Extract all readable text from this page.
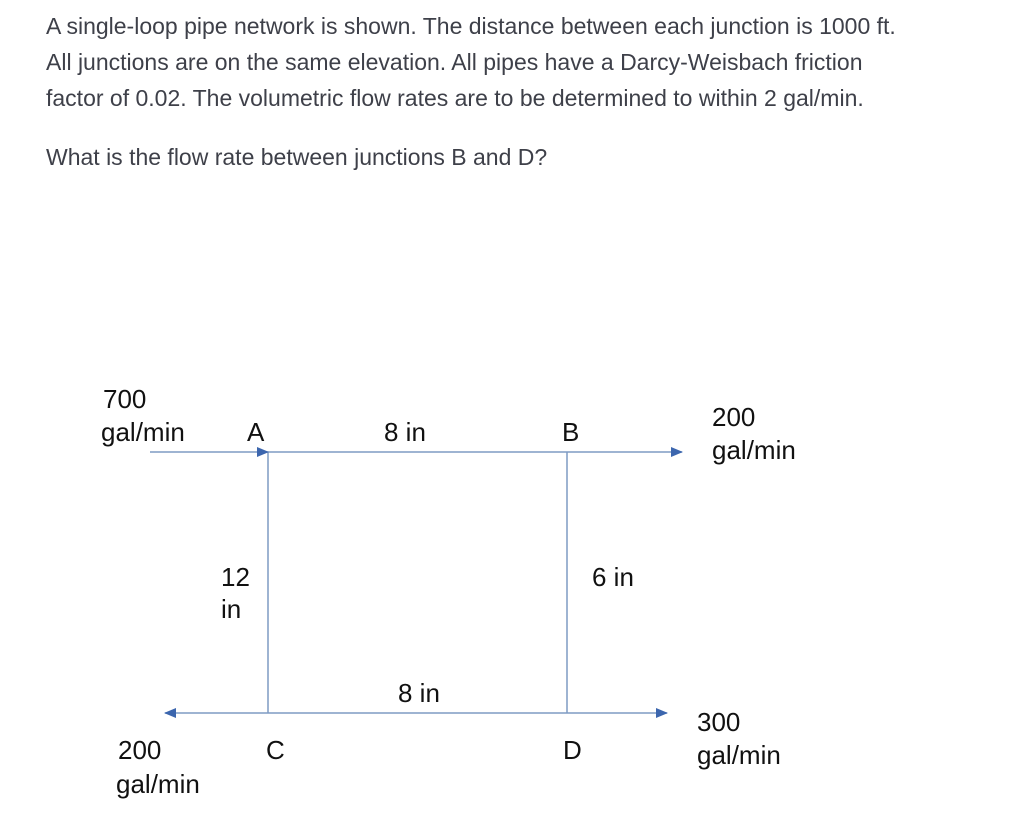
A single-loop pipe network is shown. The distance between each junction is 1000 ft.

All junctions are on the same elevation. All pipes have a Darcy-Weisbach friction

factor of 0.02. The volumetric flow rates are to be determined to within 2 gal/min.

What is the flow rate between junctions B and D?
700
gal/min A	B
C	D
8 in
12
in
6 in
8 in
200
gal/min
200
gal/min
300
gal/min
